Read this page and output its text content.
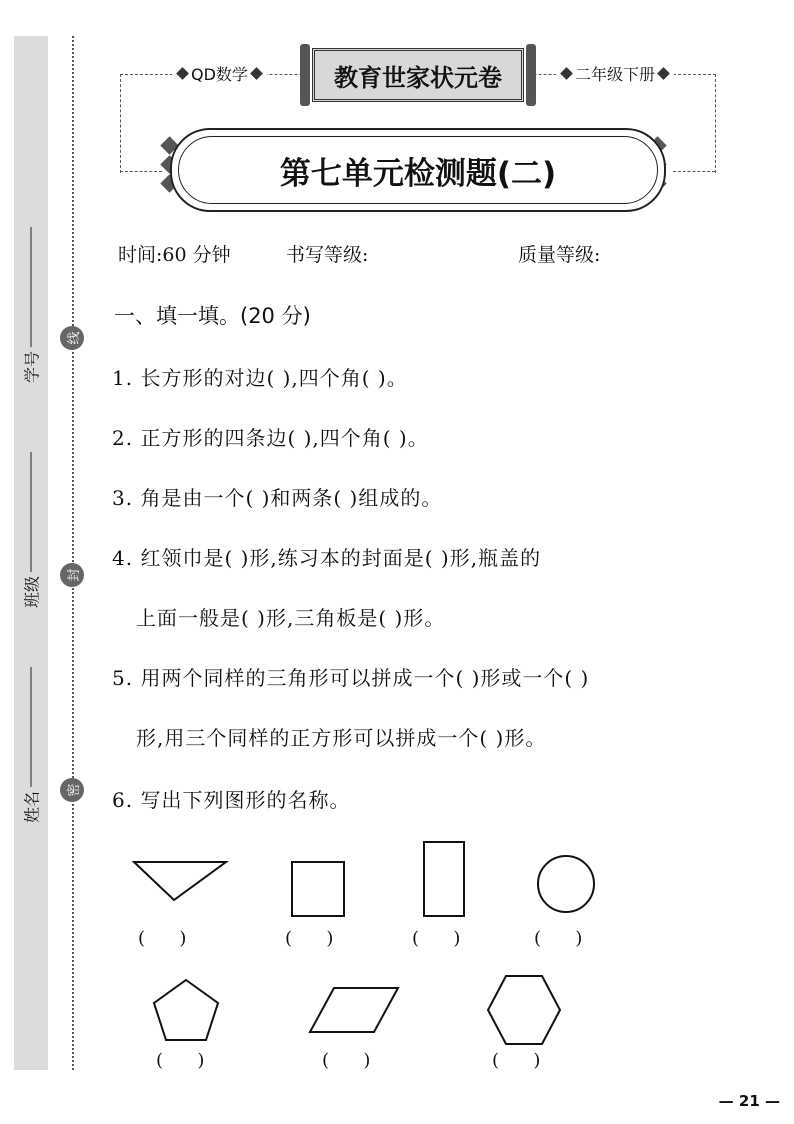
学号
班级
姓名
线
封
密
QD数学	二年级下册
教育世家状元卷
第七单元检测题(二)
时间:60 分钟	书写等级:	质量等级:
一、填一填。(20 分)
1. 长方形的对边( ),四个角( )。
2. 正方形的四条边( ),四个角( )。
3. 角是由一个( )和两条( )组成的。
4. 红领巾是( )形,练习本的封面是( )形,瓶盖的
上面一般是( )形,三角板是( )形。
5. 用两个同样的三角形可以拼成一个( )形或一个( )
形,用三个同样的正方形可以拼成一个( )形。
6. 写出下列图形的名称。
(      )	(      )	(      )	(      )
(      )	(      )	(      )
— 21 —
